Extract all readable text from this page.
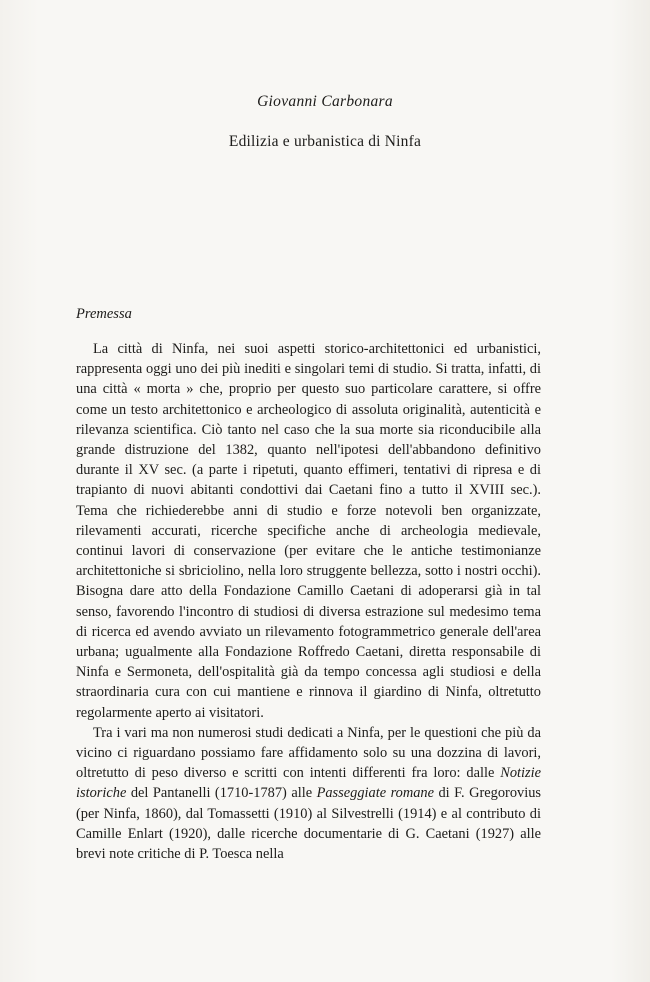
Giovanni Carbonara
Edilizia e urbanistica di Ninfa
Premessa

La città di Ninfa, nei suoi aspetti storico-architettonici ed urbanistici, rappresenta oggi uno dei più inediti e singolari temi di studio. Si tratta, infatti, di una città « morta » che, proprio per questo suo particolare carattere, si offre come un testo architettonico e archeologico di assoluta originalità, autenticità e rilevanza scientifica. Ciò tanto nel caso che la sua morte sia riconducibile alla grande distruzione del 1382, quanto nell'ipotesi dell'abbandono definitivo durante il XV sec. (a parte i ripetuti, quanto effimeri, tentativi di ripresa e di trapianto di nuovi abitanti condottivi dai Caetani fino a tutto il XVIII sec.). Tema che richiederebbe anni di studio e forze notevoli ben organizzate, rilevamenti accurati, ricerche specifiche anche di archeologia medievale, continui lavori di conservazione (per evitare che le antiche testimonianze architettoniche si sbriciolino, nella loro struggente bellezza, sotto i nostri occhi). Bisogna dare atto della Fondazione Camillo Caetani di adoperarsi già in tal senso, favorendo l'incontro di studiosi di diversa estrazione sul medesimo tema di ricerca ed avendo avviato un rilevamento fotogrammetrico generale dell'area urbana; ugualmente alla Fondazione Roffredo Caetani, diretta responsabile di Ninfa e Sermoneta, dell'ospitalità già da tempo concessa agli studiosi e della straordinaria cura con cui mantiene e rinnova il giardino di Ninfa, oltretutto regolarmente aperto ai visitatori.

Tra i vari ma non numerosi studi dedicati a Ninfa, per le questioni che più da vicino ci riguardano possiamo fare affidamento solo su una dozzina di lavori, oltretutto di peso diverso e scritti con intenti differenti fra loro: dalle Notizie istoriche del Pantanelli (1710-1787) alle Passeggiate romane di F. Gregorovius (per Ninfa, 1860), dal Tomassetti (1910) al Silvestrelli (1914) e al contributo di Camille Enlart (1920), dalle ricerche documentarie di G. Caetani (1927) alle brevi note critiche di P. Toesca nella
